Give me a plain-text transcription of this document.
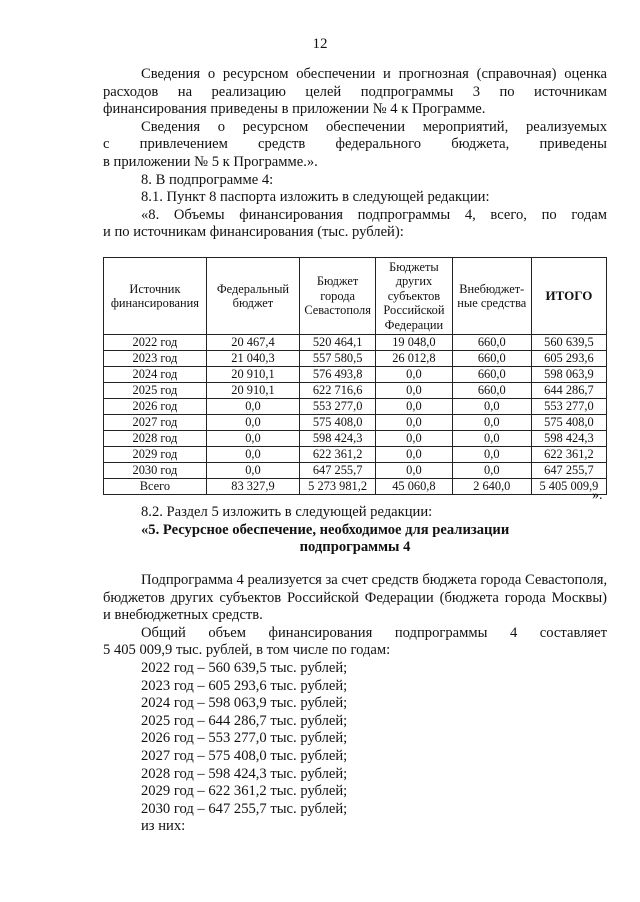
12
Сведения о ресурсном обеспечении и прогнозная (справочная) оценка
расходов на реализацию целей подпрограммы 3 по источникам
финансирования приведены в приложении № 4 к Программе.
Сведения о ресурсном обеспечении мероприятий, реализуемых
с привлечением средств федерального бюджета, приведены
в приложении № 5 к Программе.».
8. В подпрограмме 4:
8.1. Пункт 8 паспорта изложить в следующей редакции:
«8. Объемы финансирования подпрограммы 4, всего, по годам
и по источникам финансирования (тыс. рублей):
Источник финансирования	Федеральный бюджет	Бюджет города Севастополя	Бюджеты других субъектов Российской Федерации	Внебюджет-ные средства	ИТОГО
2022 год	20 467,4	520 464,1	19 048,0	660,0	560 639,5
2023 год	21 040,3	557 580,5	26 012,8	660,0	605 293,6
2024 год	20 910,1	576 493,8	0,0	660,0	598 063,9
2025 год	20 910,1	622 716,6	0,0	660,0	644 286,7
2026 год	0,0	553 277,0	0,0	0,0	553 277,0
2027 год	0,0	575 408,0	0,0	0,0	575 408,0
2028 год	0,0	598 424,3	0,0	0,0	598 424,3
2029 год	0,0	622 361,2	0,0	0,0	622 361,2
2030 год	0,0	647 255,7	0,0	0,0	647 255,7
Всего	83 327,9	5 273 981,2	45 060,8	2 640,0	5 405 009,9
».
8.2. Раздел 5 изложить в следующей редакции:
«5. Ресурсное обеспечение, необходимое для реализации
подпрограммы 4
Подпрограмма 4 реализуется за счет средств бюджета города Севастополя,
бюджетов других субъектов Российской Федерации (бюджета города Москвы)
и внебюджетных средств.
Общий объем финансирования подпрограммы 4 составляет
5 405 009,9 тыс. рублей, в том числе по годам:
2022 год – 560 639,5 тыс. рублей;
2023 год – 605 293,6 тыс. рублей;
2024 год – 598 063,9 тыс. рублей;
2025 год – 644 286,7 тыс. рублей;
2026 год – 553 277,0 тыс. рублей;
2027 год – 575 408,0 тыс. рублей;
2028 год – 598 424,3 тыс. рублей;
2029 год – 622 361,2 тыс. рублей;
2030 год – 647 255,7 тыс. рублей;
из них:
